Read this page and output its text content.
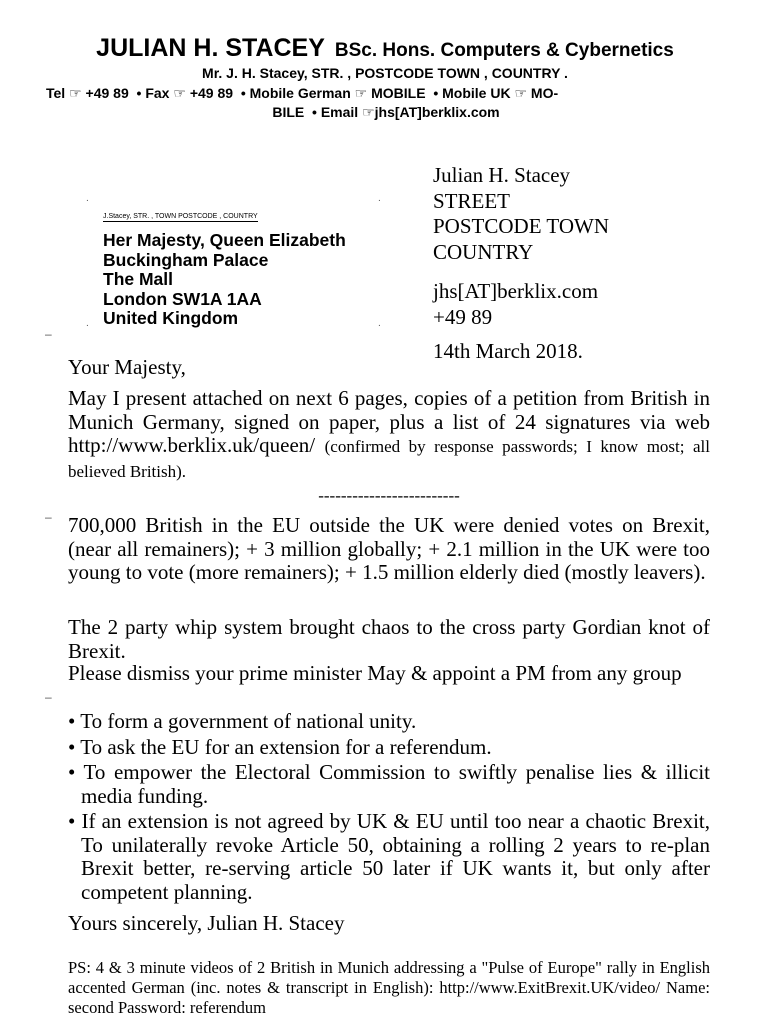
JULIAN H. STACEY BSc. Hons. Computers & Cybernetics
Mr. J. H. Stacey, STR. , POSTCODE TOWN , COUNTRY .
Tel ☞ +49 89 • Fax ☞ +49 89 • Mobile German ☞ MOBILE • Mobile UK ☞ MO-

BILE • Email ☞jhs[AT]berklix.com
.	.
.	.
–
–
–
J.Stacey, STR. , TOWN POSTCODE , COUNTRY
Her Majesty, Queen Elizabeth
Buckingham Palace
The Mall
London SW1A 1AA
United Kingdom
Julian H. Stacey
STREET
POSTCODE TOWN
COUNTRY
jhs[AT]berklix.com
+49 89
14th March 2018.
Your Majesty,
May I present attached on next 6 pages, copies of a petition from British in Munich Germany, signed on paper, plus a list of 24 signatures via web http://www.berklix.uk/queen/ (confirmed by response passwords; I know most; all believed British).
-------------------------
700,000 British in the EU outside the UK were denied votes on Brexit, (near all remainers); + 3 million globally; + 2.1 million in the UK were too young to vote (more remainers); + 1.5 million elderly died (mostly leavers).
The 2 party whip system brought chaos to the cross party Gordian knot of Brexit.
Please dismiss your prime minister May & appoint a PM from any group
• To form a government of national unity.
• To ask the EU for an extension for a referendum.
• To empower the Electoral Commission to swiftly penalise lies & illicit media funding.
• If an extension is not agreed by UK & EU until too near a chaotic Brexit, To unilaterally revoke Article 50, obtaining a rolling 2 years to re-plan Brexit better, re-serving article 50 later if UK wants it, but only after competent planning.
Yours sincerely, Julian H. Stacey
PS: 4 & 3 minute videos of 2 British in Munich addressing a "Pulse of Europe" rally in English accented German (inc. notes & transcript in English): http://www.ExitBrexit.UK/video/ Name: second Password: referendum
